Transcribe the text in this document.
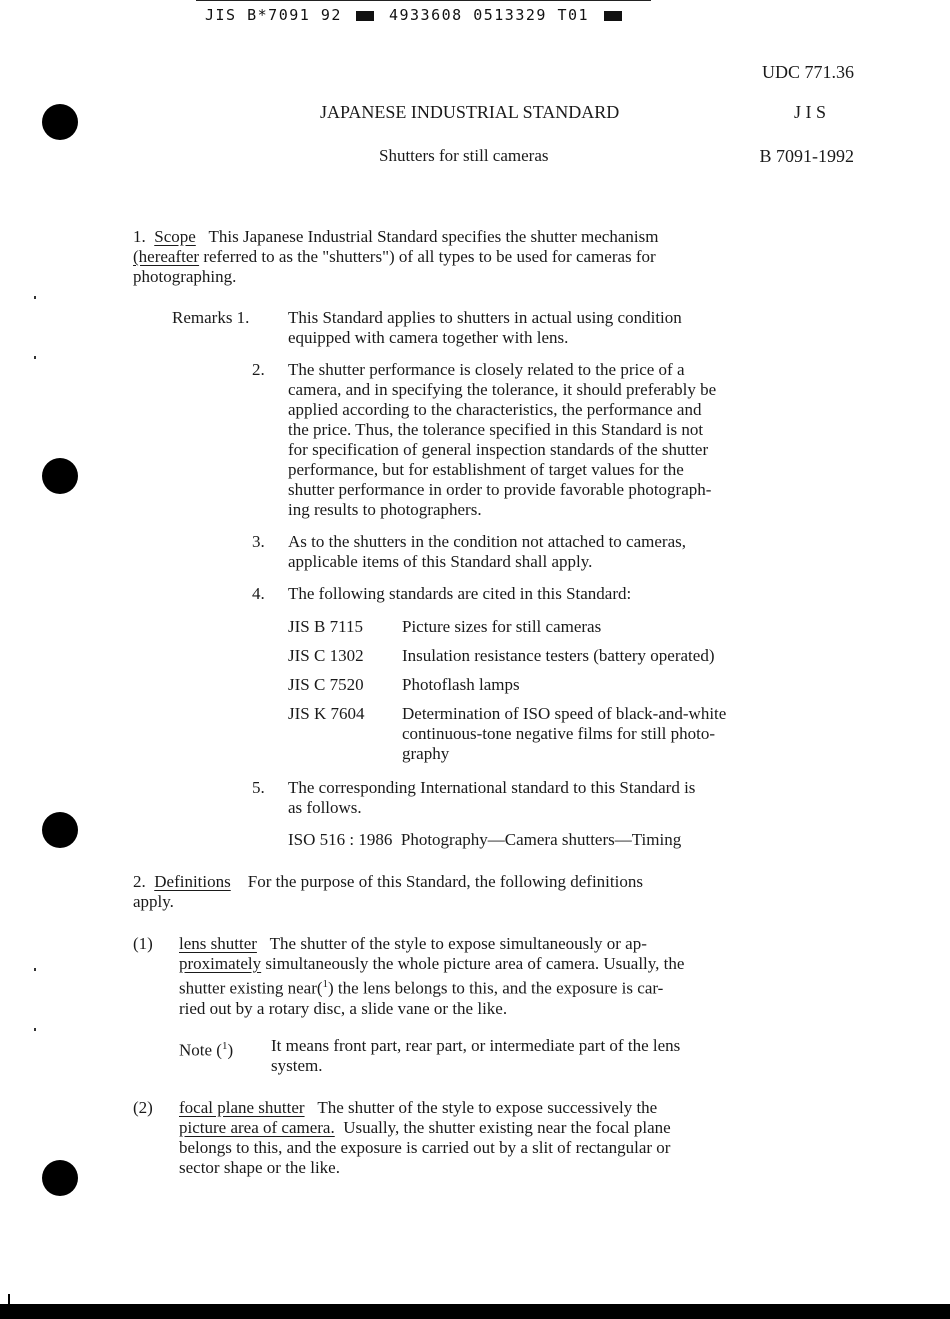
JIS B*7091 92	4933608 0513329 T01
UDC 771.36
JAPANESE INDUSTRIAL STANDARD	J I S
Shutters for still cameras	B 7091-1992

1. Scope This Japanese Industrial Standard specifies the shutter mechanism

(hereafter referred to as the "shutters") of all types to be used for cameras for

photographing.

Remarks 1. This Standard applies to shutters in actual using condition

equipped with camera together with lens.

2. The shutter performance is closely related to the price of a

camera, and in specifying the tolerance, it should preferably be

applied according to the characteristics, the performance and

the price. Thus, the tolerance specified in this Standard is not

for specification of general inspection standards of the shutter

performance, but for establishment of target values for the

shutter performance in order to provide favorable photograph-

ing results to photographers.

3. As to the shutters in the condition not attached to cameras,

applicable items of this Standard shall apply.

4. The following standards are cited in this Standard:
JIS B 7115	Picture sizes for still cameras
JIS C 1302	Insulation resistance testers (battery operated)
JIS C 7520	Photoflash lamps
JIS K 7604	Determination of ISO speed of black-and-white
continuous-tone negative films for still photo-
graphy
5. The corresponding International standard to this Standard is

as follows.

ISO 516 : 1986  Photography—Camera shutters—Timing

2. Definitions For the purpose of this Standard, the following definitions

apply.

(1) lens shutter The shutter of the style to expose simultaneously or ap-

proximately simultaneously the whole picture area of camera. Usually, the

shutter existing near($^1$) the lens belongs to this, and the exposure is car-

ried out by a rotary disc, a slide vane or the like.

Note ($^1$) It means front part, rear part, or intermediate part of the lens

system.

(2) focal plane shutter The shutter of the style to expose successively the

picture area of camera. Usually, the shutter existing near the focal plane

belongs to this, and the exposure is carried out by a slit of rectangular or

sector shape or the like.
